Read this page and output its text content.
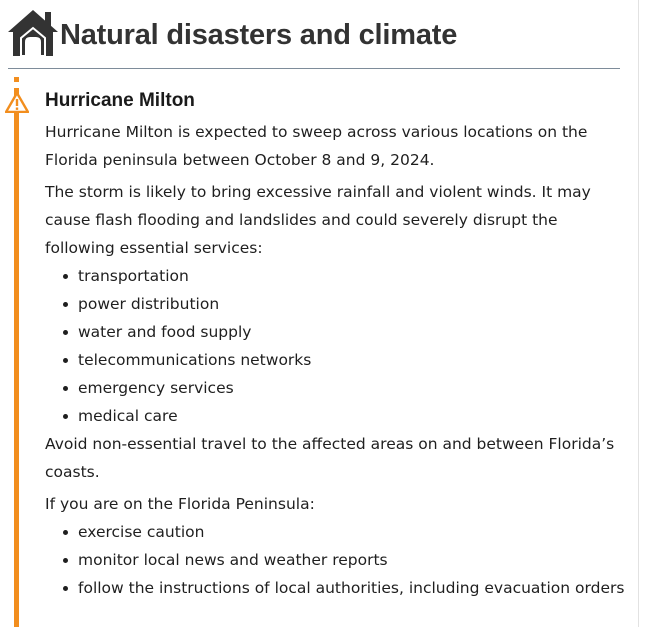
Natural disasters and climate
Hurricane Milton

Hurricane Milton is expected to sweep across various locations on the Florida peninsula between October 8 and 9, 2024.

The storm is likely to bring excessive rainfall and violent winds. It may cause flash flooding and landslides and could severely disrupt the following essential services:

transportation
power distribution
water and food supply
telecommunications networks
emergency services
medical care

Avoid non-essential travel to the affected areas on and between Florida’s coasts.

If you are on the Florida Peninsula:

exercise caution
monitor local news and weather reports
follow the instructions of local authorities, including evacuation orders
